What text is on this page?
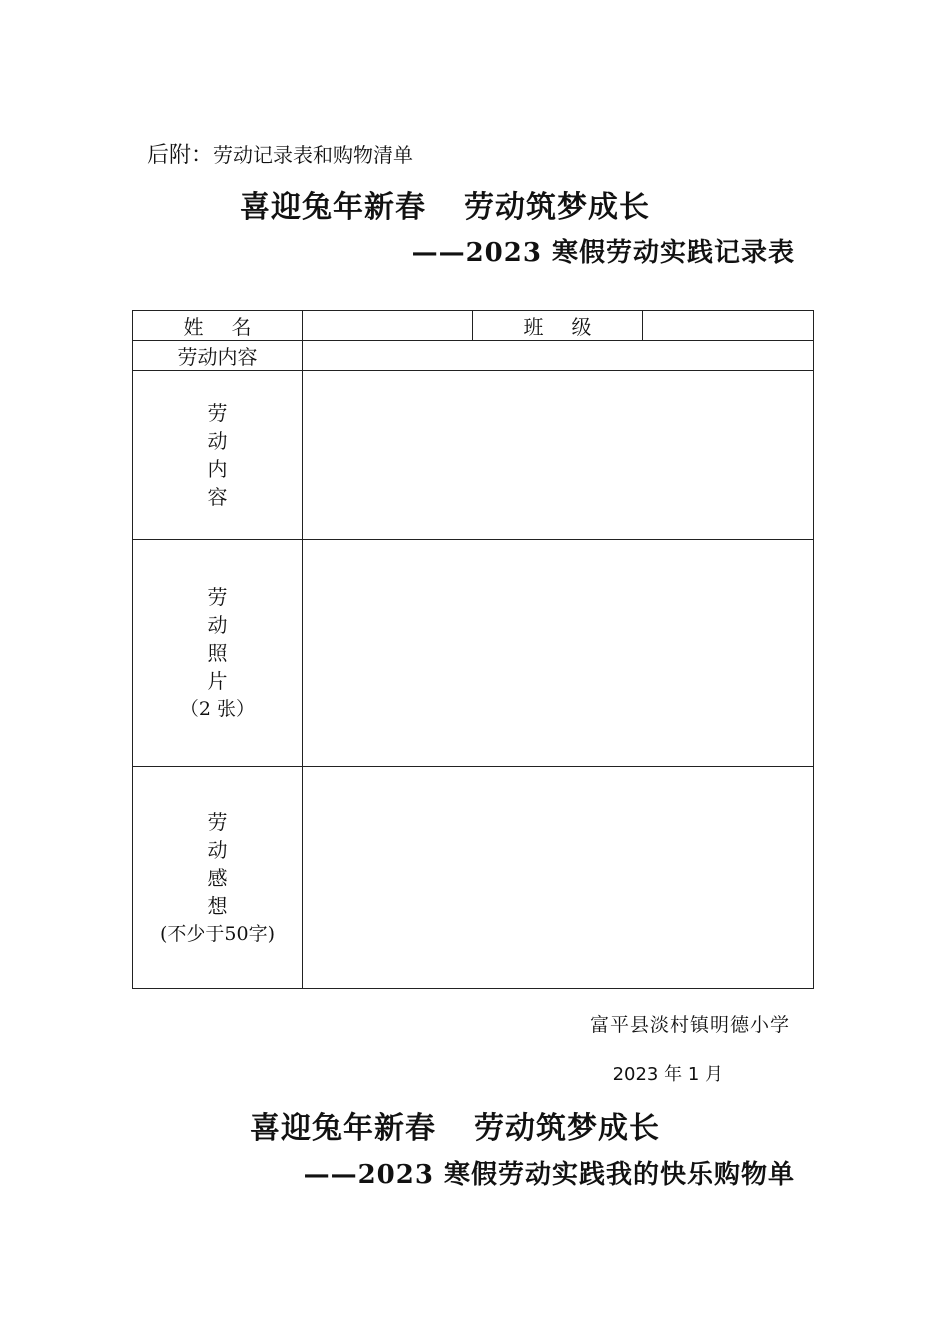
后附：劳动记录表和购物清单
喜迎兔年新春 劳动筑梦成长
——2023 寒假劳动实践记录表
姓名		班级	
劳动内容			

劳
动
内
容			

劳
动
照
片
（2 张）			

劳
动
感
想
(不少于50字)			

富平县淡村镇明德小学
2023 年 1 月
喜迎兔年新春 劳动筑梦成长
——2023 寒假劳动实践我的快乐购物单
